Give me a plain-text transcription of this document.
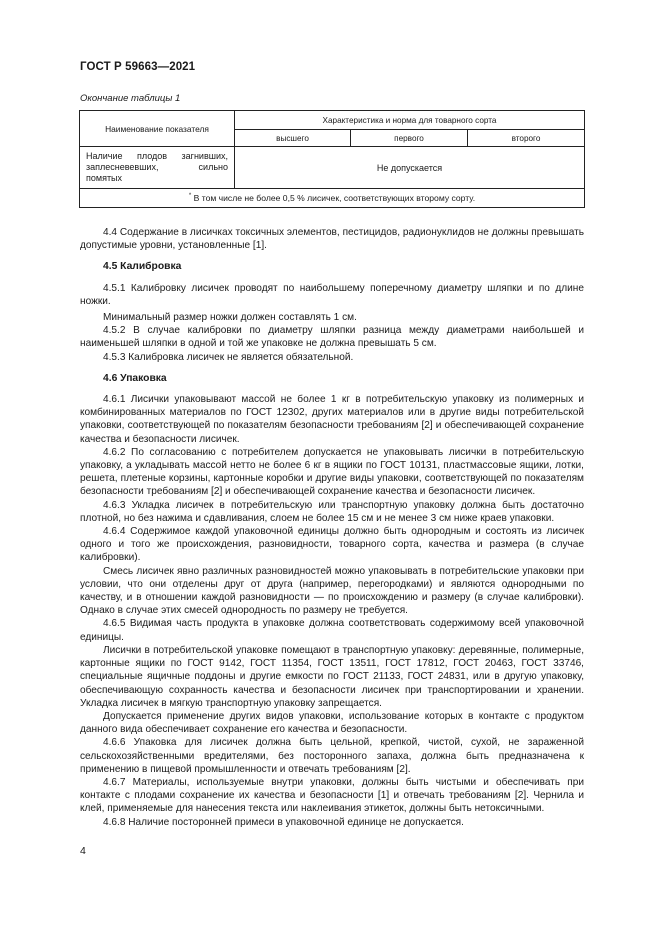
ГОСТ Р 59663—2021
Окончание таблицы 1
Наименование показателя	Характеристика и норма для товарного сорта		
	высшего	первого	второго
Наличие плодов загнивших, заплесневевших, сильно помятых	Не допускается		
* В том числе не более 0,5 % лисичек, соответствующих второму сорту.			

4.4 Содержание в лисичках токсичных элементов, пестицидов, радионуклидов не должны превышать допустимые уровни, установленные [1].

4.5 Калибровка

4.5.1 Калибровку лисичек проводят по наибольшему поперечному диаметру шляпки и по длине ножки.

Минимальный размер ножки должен составлять 1 см.

4.5.2 В случае калибровки по диаметру шляпки разница между диаметрами наибольшей и наименьшей шляпки в одной и той же упаковке не должна превышать 5 см.

4.5.3 Калибровка лисичек не является обязательной.

4.6 Упаковка

4.6.1 Лисички упаковывают массой не более 1 кг в потребительскую упаковку из полимерных и комбинированных материалов по ГОСТ 12302, других материалов или в другие виды потребительской упаковки, соответствующей по показателям безопасности требованиям [2] и обеспечивающей сохранение качества и безопасности лисичек.

4.6.2 По согласованию с потребителем допускается не упаковывать лисички в потребительскую упаковку, а укладывать массой нетто не более 6 кг в ящики по ГОСТ 10131, пластмассовые ящики, лотки, решета, плетеные корзины, картонные коробки и другие виды упаковки, соответствующей по показателям безопасности требованиям [2] и обеспечивающей сохранение качества и безопасности лисичек.

4.6.3 Укладка лисичек в потребительскую или транспортную упаковку должна быть достаточно плотной, но без нажима и сдавливания, слоем не более 15 см и не менее 3 см ниже краев упаковки.

4.6.4 Содержимое каждой упаковочной единицы должно быть однородным и состоять из лисичек одного и того же происхождения, разновидности, товарного сорта, качества и размера (в случае калибровки).

Смесь лисичек явно различных разновидностей можно упаковывать в потребительские упаковки при условии, что они отделены друг от друга (например, перегородками) и являются однородными по качеству, и в отношении каждой разновидности — по происхождению и размеру (в случае калибровки). Однако в случае этих смесей однородность по размеру не требуется.

4.6.5 Видимая часть продукта в упаковке должна соответствовать содержимому всей упаковочной единицы.

Лисички в потребительской упаковке помещают в транспортную упаковку: деревянные, полимерные, картонные ящики по ГОСТ 9142, ГОСТ 11354, ГОСТ 13511, ГОСТ 17812, ГОСТ 20463, ГОСТ 33746, специальные ящичные поддоны и другие емкости по ГОСТ 21133, ГОСТ 24831, или в другую упаковку, обеспечивающую сохранность качества и безопасности лисичек при транспортировании и хранении. Укладка лисичек в мягкую транспортную упаковку запрещается.

Допускается применение других видов упаковки, использование которых в контакте с продуктом данного вида обеспечивает сохранение его качества и безопасности.

4.6.6 Упаковка для лисичек должна быть цельной, крепкой, чистой, сухой, не зараженной сельскохозяйственными вредителями, без посторонного запаха, должна быть предназначена к применению в пищевой промышленности и отвечать требованиям [2].

4.6.7 Материалы, используемые внутри упаковки, должны быть чистыми и обеспечивать при контакте с плодами сохранение их качества и безопасности [1] и отвечать требованиям [2]. Чернила и клей, применяемые для нанесения текста или наклеивания этикеток, должны быть нетоксичными.

4.6.8 Наличие посторонней примеси в упаковочной единице не допускается.

4
